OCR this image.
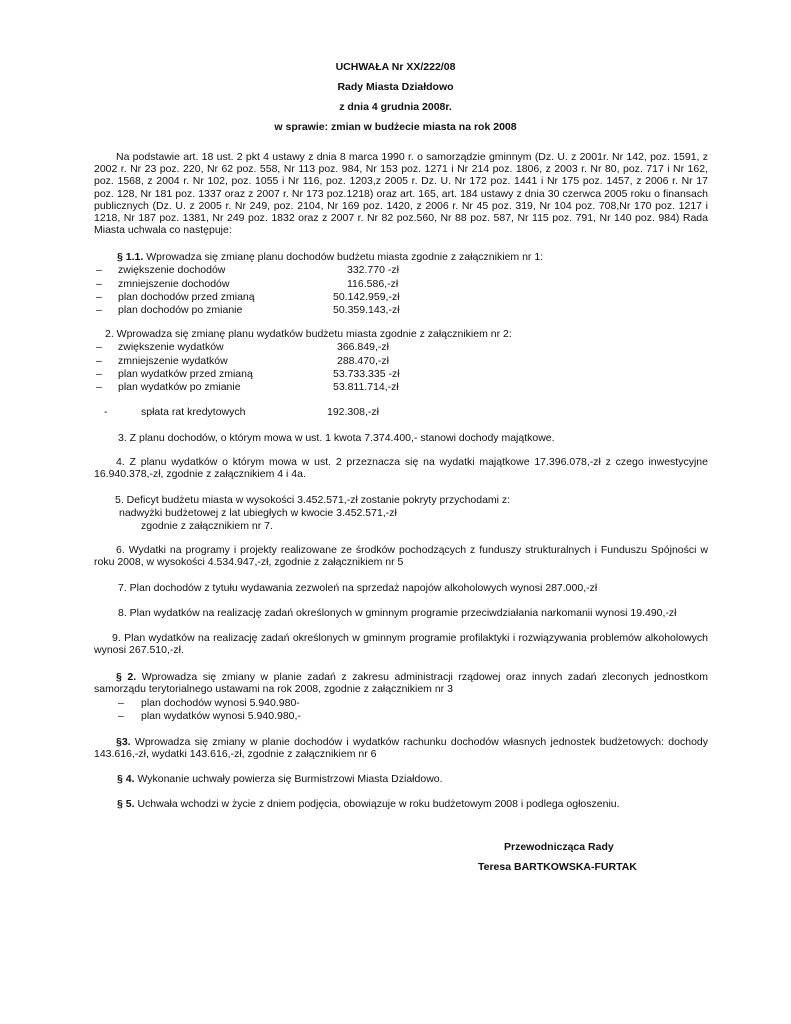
UCHWAŁA Nr XX/222/08
Rady Miasta Działdowo
z dnia 4 grudnia 2008r.
w sprawie: zmian w budżecie miasta na rok 2008
Na podstawie art. 18 ust. 2 pkt 4 ustawy z dnia 8 marca 1990 r. o samorządzie gminnym (Dz. U. z 2001r. Nr 142, poz. 1591, z 2002 r. Nr 23 poz. 220, Nr 62 poz. 558, Nr 113 poz. 984, Nr 153 poz. 1271 i Nr 214 poz. 1806, z 2003 r. Nr 80, poz. 717 i Nr 162, poz. 1568, z 2004 r. Nr 102, poz. 1055 i Nr 116, poz. 1203,z 2005 r. Dz. U. Nr 172 poz. 1441 i Nr 175 poz. 1457, z 2006 r. Nr 17 poz. 128, Nr 181 poz. 1337 oraz z 2007 r. Nr 173 poz.1218) oraz art. 165, art. 184 ustawy z dnia 30 czerwca 2005 roku o finansach publicznych (Dz. U. z 2005 r. Nr 249, poz. 2104, Nr 169 poz. 1420, z 2006 r. Nr 45 poz. 319, Nr 104 poz. 708,Nr 170 poz. 1217 i 1218, Nr 187 poz. 1381, Nr 249 poz. 1832 oraz z 2007 r. Nr 82 poz.560, Nr 88 poz. 587, Nr 115 poz. 791, Nr 140 poz. 984) Rada Miasta uchwala co następuje:
§ 1.1. Wprowadza się zmianę planu dochodów budżetu miasta zgodnie z załącznikiem nr 1:
– zwiększenie dochodów	332.770 -zł
– zmniejszenie dochodów	116.586,-zł
– plan dochodów przed zmianą	50.142.959,-zł
– plan dochodów po zmianie	50.359.143,-zł
2. Wprowadza się zmianę planu wydatków budżetu miasta zgodnie z załącznikiem nr 2:
– zwiększenie wydatków	366.849,-zł
– zmniejszenie wydatków	288.470,-zł
– plan wydatków przed zmianą	53.733.335 -zł
– plan wydatków po zmianie	53.811.714,-zł
-	spłata rat kredytowych	192.308,-zł
3. Z planu dochodów, o którym mowa w ust. 1 kwota 7.374.400,- stanowi dochody majątkowe.
4. Z planu wydatków o którym mowa w ust. 2 przeznacza się na wydatki majątkowe 17.396.078,-zł z czego inwestycyjne 16.940.378,-zł, zgodnie z załącznikiem 4 i 4a.
5. Deficyt budżetu miasta w wysokości 3.452.571,-zł zostanie pokryty przychodami z:
nadwyżki budżetowej z lat ubiegłych w kwocie 3.452.571,-zł
zgodnie z załącznikiem nr 7.
6. Wydatki na programy i projekty realizowane ze środków pochodzących z funduszy strukturalnych i Funduszu Spójności w roku 2008, w wysokości 4.534.947,-zł, zgodnie z załącznikiem nr 5
7. Plan dochodów z tytułu wydawania zezwoleń na sprzedaż napojów alkoholowych wynosi 287.000,-zł
8. Plan wydatków na realizację zadań określonych w gminnym programie przeciwdziałania narkomanii wynosi 19.490,-zł
9. Plan wydatków na realizację zadań określonych w gminnym programie profilaktyki i rozwiązywania problemów alkoholowych wynosi 267.510,-zł.
§ 2. Wprowadza się zmiany w planie zadań z zakresu administracji rządowej oraz innych zadań zleconych jednostkom samorządu terytorialnego ustawami na rok 2008, zgodnie z załącznikiem nr 3
– plan dochodów wynosi 5.940.980-
– plan wydatków wynosi 5.940.980,-
§3. Wprowadza się zmiany w planie dochodów i wydatków rachunku dochodów własnych jednostek budżetowych: dochody 143.616,-zł, wydatki 143.616,-zł, zgodnie z załącznikiem nr 6
§ 4. Wykonanie uchwały powierza się Burmistrzowi Miasta Działdowo.
§ 5. Uchwała wchodzi w życie z dniem podjęcia, obowiązuje w roku budżetowym 2008 i podlega ogłoszeniu.
Przewodnicząca Rady
Teresa BARTKOWSKA-FURTAK
